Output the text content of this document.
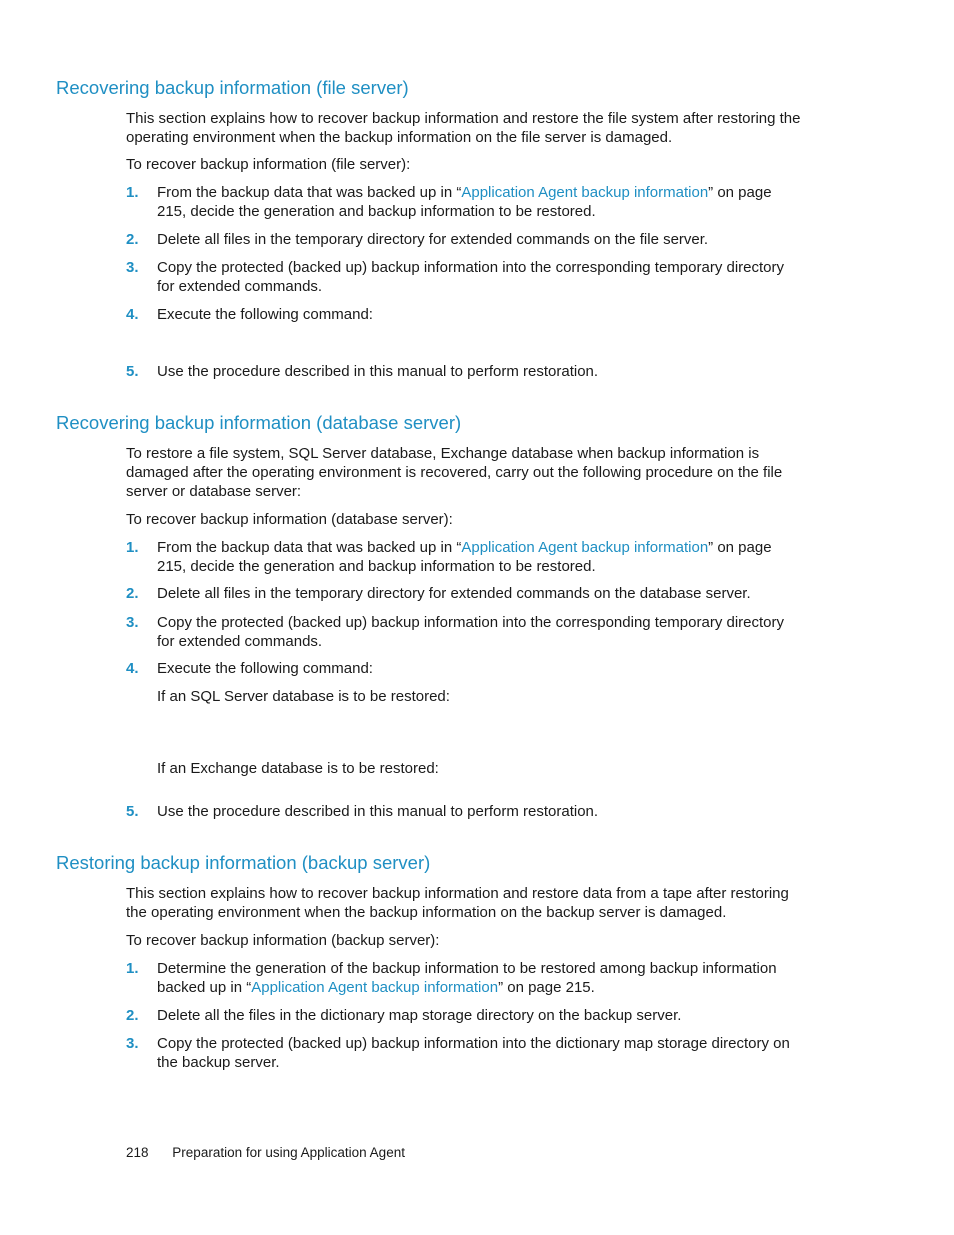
Recovering backup information (file server)

This section explains how to recover backup information and restore the file system after restoring the operating environment when the backup information on the file server is damaged.

To recover backup information (file server):

1. From the backup data that was backed up in “Application Agent backup information” on page 215, decide the generation and backup information to be restored.
2. Delete all files in the temporary directory for extended commands on the file server.
3. Copy the protected (backed up) backup information into the corresponding temporary directory for extended commands.
4. Execute the following command:
5. Use the procedure described in this manual to perform restoration.
Recovering backup information (database server)

To restore a file system, SQL Server database, Exchange database when backup information is damaged after the operating environment is recovered, carry out the following procedure on the file server or database server:

To recover backup information (database server):

1. From the backup data that was backed up in “Application Agent backup information” on page 215, decide the generation and backup information to be restored.
2. Delete all files in the temporary directory for extended commands on the database server.
3. Copy the protected (backed up) backup information into the corresponding temporary directory for extended commands.
4. Execute the following command:

If an SQL Server database is to be restored:

If an Exchange database is to be restored:

5. Use the procedure described in this manual to perform restoration.
Restoring backup information (backup server)

This section explains how to recover backup information and restore data from a tape after restoring the operating environment when the backup information on the backup server is damaged.

To recover backup information (backup server):

1. Determine the generation of the backup information to be restored among backup information backed up in “Application Agent backup information” on page 215.
2. Delete all the files in the dictionary map storage directory on the backup server.
3. Copy the protected (backed up) backup information into the dictionary map storage directory on the backup server.
218 Preparation for using Application Agent
